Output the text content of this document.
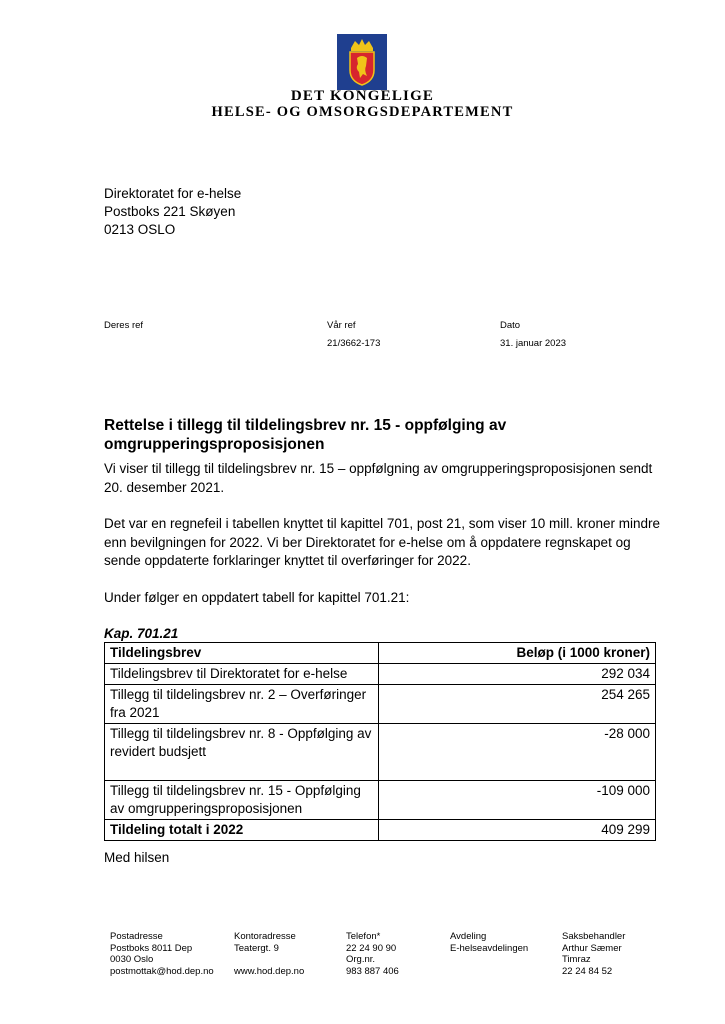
DET KONGELIGE
HELSE- OG OMSORGSDEPARTEMENT
Direktoratet for e-helse
Postboks 221 Skøyen
0213 OSLO
Deres ref	Vår ref
21/3662-173
Dato
31. januar 2023
Rettelse i tillegg til tildelingsbrev nr. 15 - oppfølging av omgrupperingsproposisjonen
Vi viser til tillegg til tildelingsbrev nr. 15 – oppfølgning av omgrupperingsproposisjonen sendt 20. desember 2021.
Det var en regnefeil i tabellen knyttet til kapittel 701, post 21, som viser 10 mill. kroner mindre enn bevilgningen for 2022. Vi ber Direktoratet for e-helse om å oppdatere regnskapet og sende oppdaterte forklaringer knyttet til overføringer for 2022.
Under følger en oppdatert tabell for kapittel 701.21:
Kap. 701.21
Tildelingsbrev	Beløp (i 1000 kroner)
Tildelingsbrev til Direktoratet for e-helse	292 034
Tillegg til tildelingsbrev nr. 2 – Overføringer fra 2021	254 265
Tillegg til tildelingsbrev nr. 8 - Oppfølging av revidert budsjett	-28 000
Tillegg til tildelingsbrev nr. 15 - Oppfølging av omgrupperingsproposisjonen	-109 000
Tildeling totalt i 2022	409 299
Med hilsen
Postadresse
Postboks 8011 Dep
0030 Oslo
postmottak@hod.dep.no
Kontoradresse
Teatergt. 9
www.hod.dep.no
Telefon*
22 24 90 90
Org.nr.
983 887 406
Avdeling
E-helseavdelingen
Saksbehandler
Arthur Sæmer
Timraz
22 24 84 52
